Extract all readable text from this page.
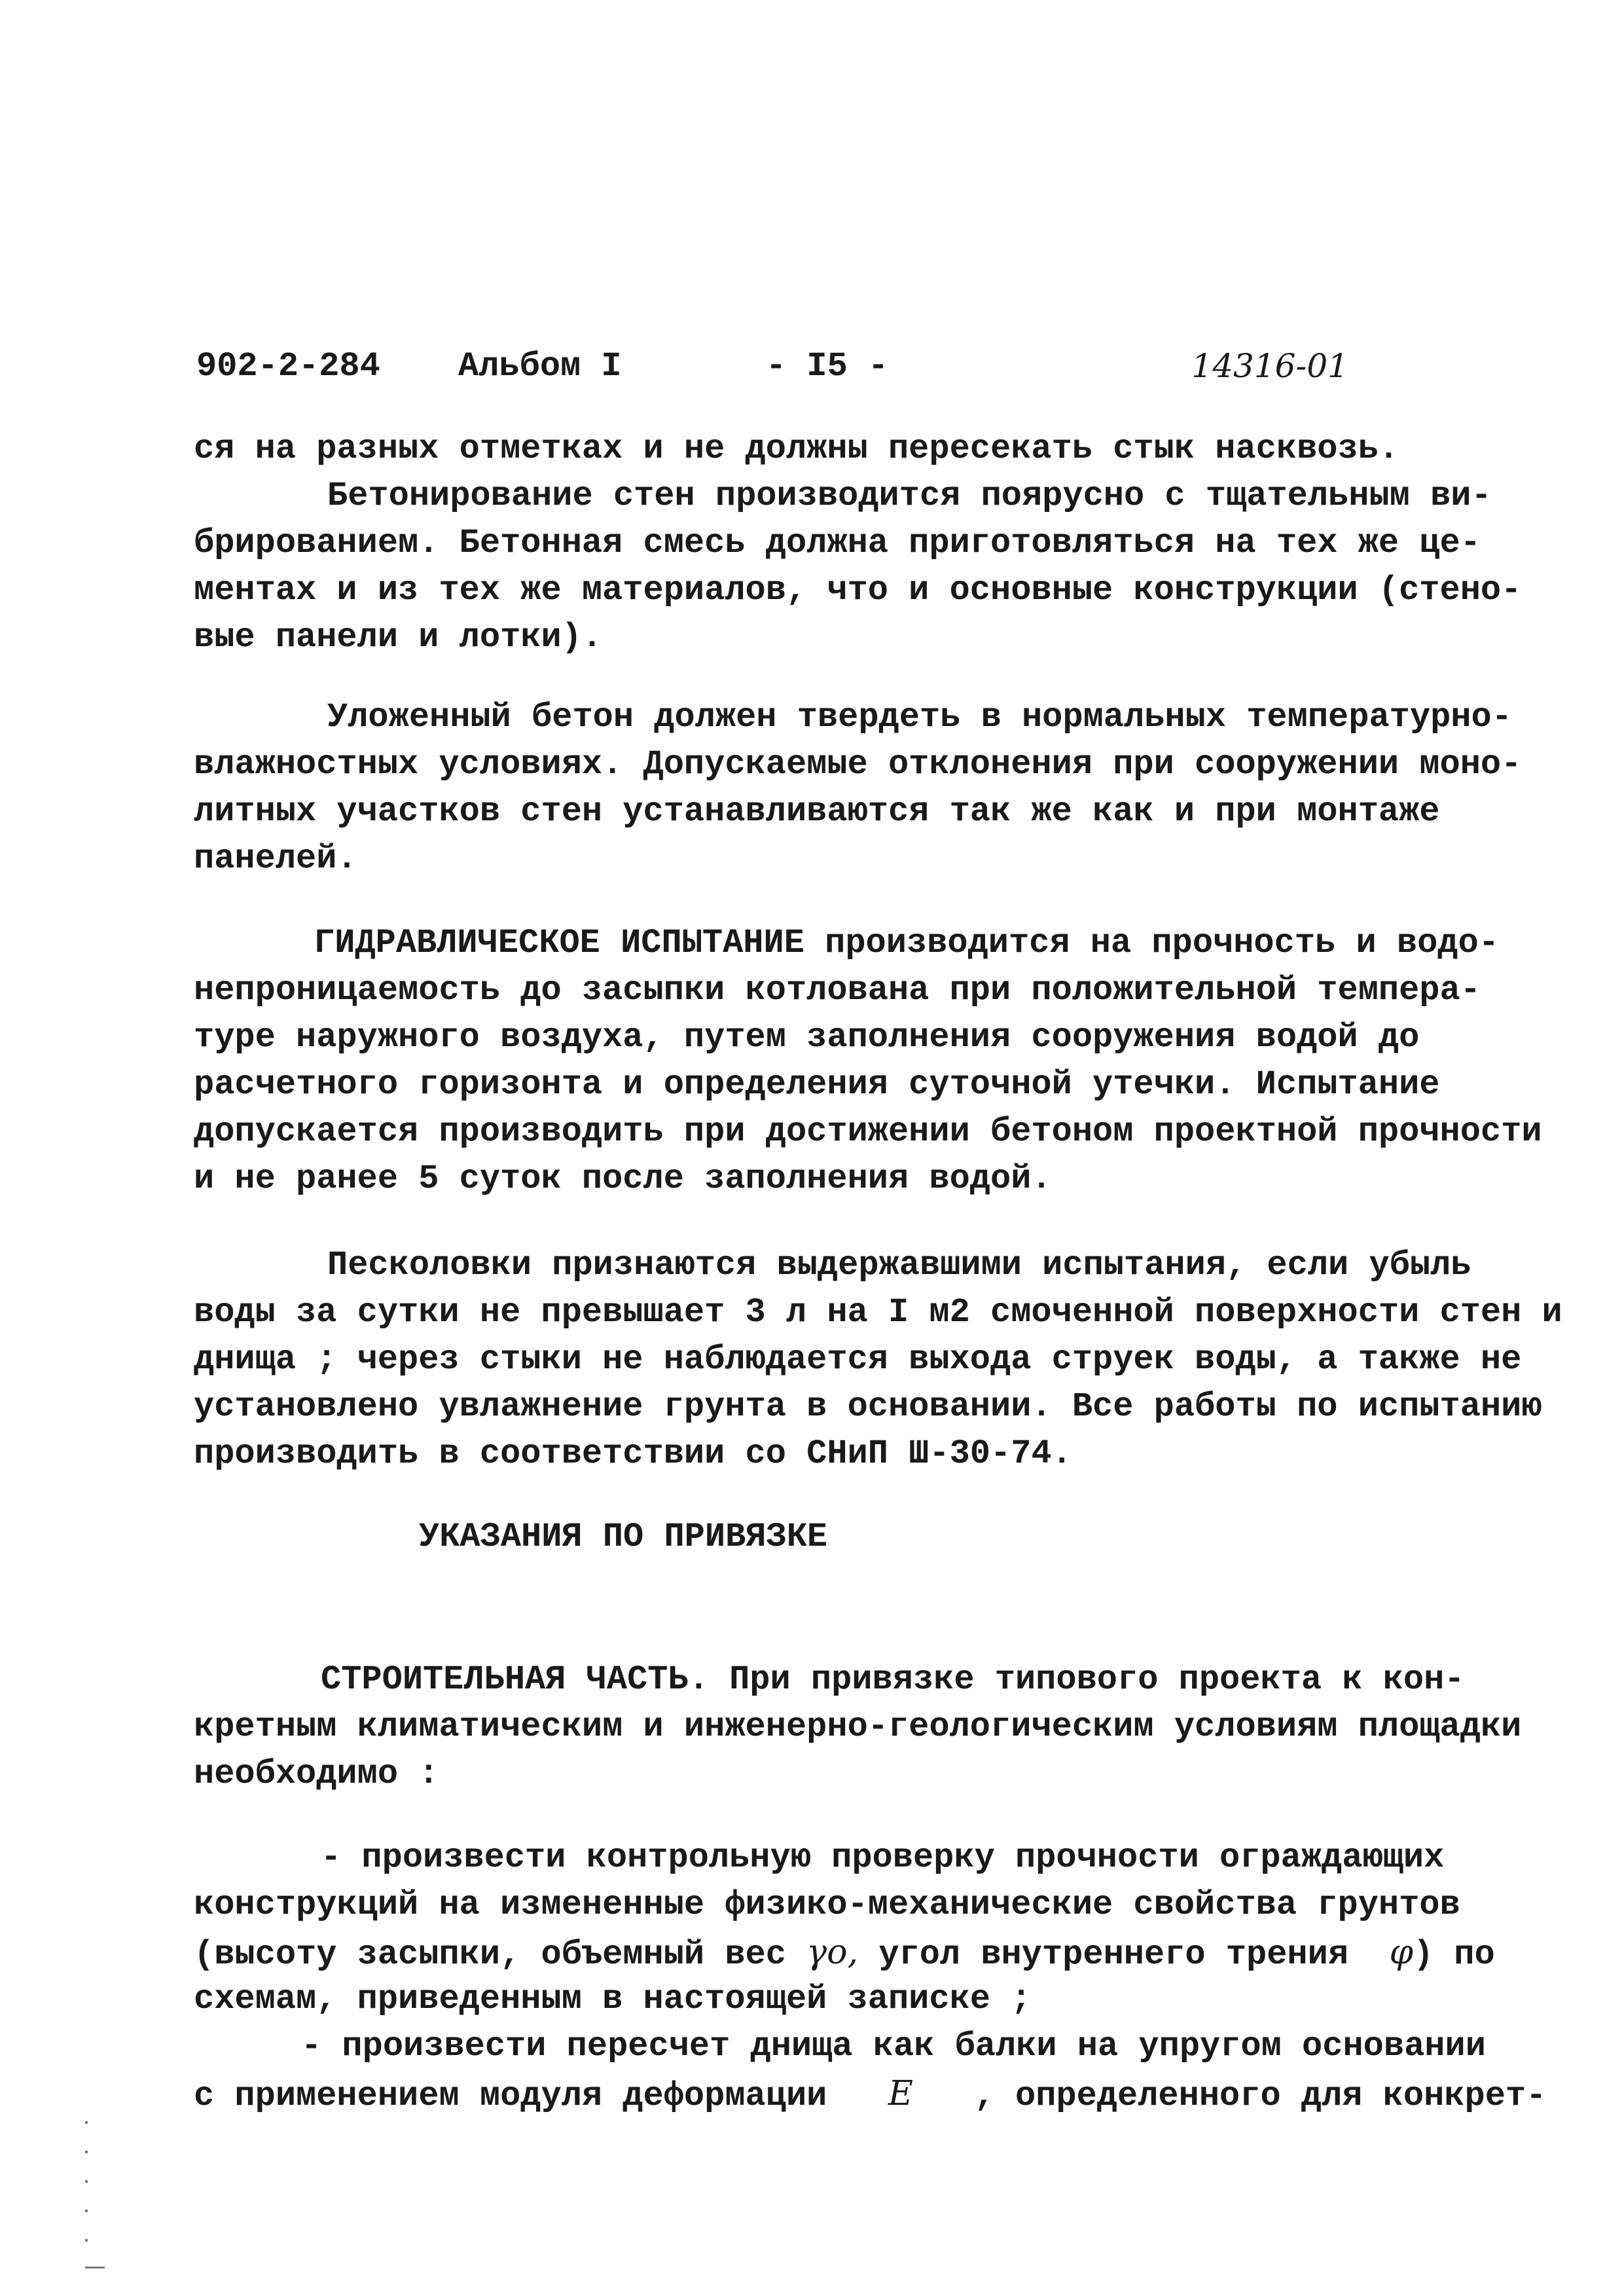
902-2-284 Альбом I	- I5 -	14316-01
ся на разных отметках и не должны пересекать стык насквозь.
Бетонирование стен производится поярусно с тщательным ви-
брированием. Бетонная смесь должна приготовляться на тех же це-
ментах и из тех же материалов, что и основные конструкции (стено-
вые панели и лотки).
Уложенный бетон должен твердеть в нормальных температурно-
влажностных условиях. Допускаемые отклонения при сооружении моно-
литных участков стен устанавливаются так же как и при монтаже
панелей.
ГИДРАВЛИЧЕСКОЕ ИСПЫТАНИЕ производится на прочность и водо-
непроницаемость до засыпки котлована при положительной темпера-
туре наружного воздуха, путем заполнения сооружения водой до
расчетного горизонта и определения суточной утечки. Испытание
допускается производить при достижении бетоном проектной прочности
и не ранее 5 суток после заполнения водой.
Песколовки признаются выдержавшими испытания, если убыль
воды за сутки не превышает 3 л на I м2 смоченной поверхности стен и
днища ; через стыки не наблюдается выхода струек воды, а также не
установлено увлажнение грунта в основании. Все работы по испытанию
производить в соответствии со СНиП Ш-30-74.
УКАЗАНИЯ ПО ПРИВЯЗКЕ
СТРОИТЕЛЬНАЯ ЧАСТЬ. При привязке типового проекта к кон-
кретным климатическим и инженерно-геологическим условиям площадки
необходимо :
- произвести контрольную проверку прочности ограждающих
конструкций на измененные физико-механические свойства грунтов
(высоту засыпки, объемный вес γо, угол внутреннего трения φ) по
схемам, приведенным в настоящей записке ;
- произвести пересчет днища как балки на упругом основании
с применением модуля деформации E , определенного для конкрет-
